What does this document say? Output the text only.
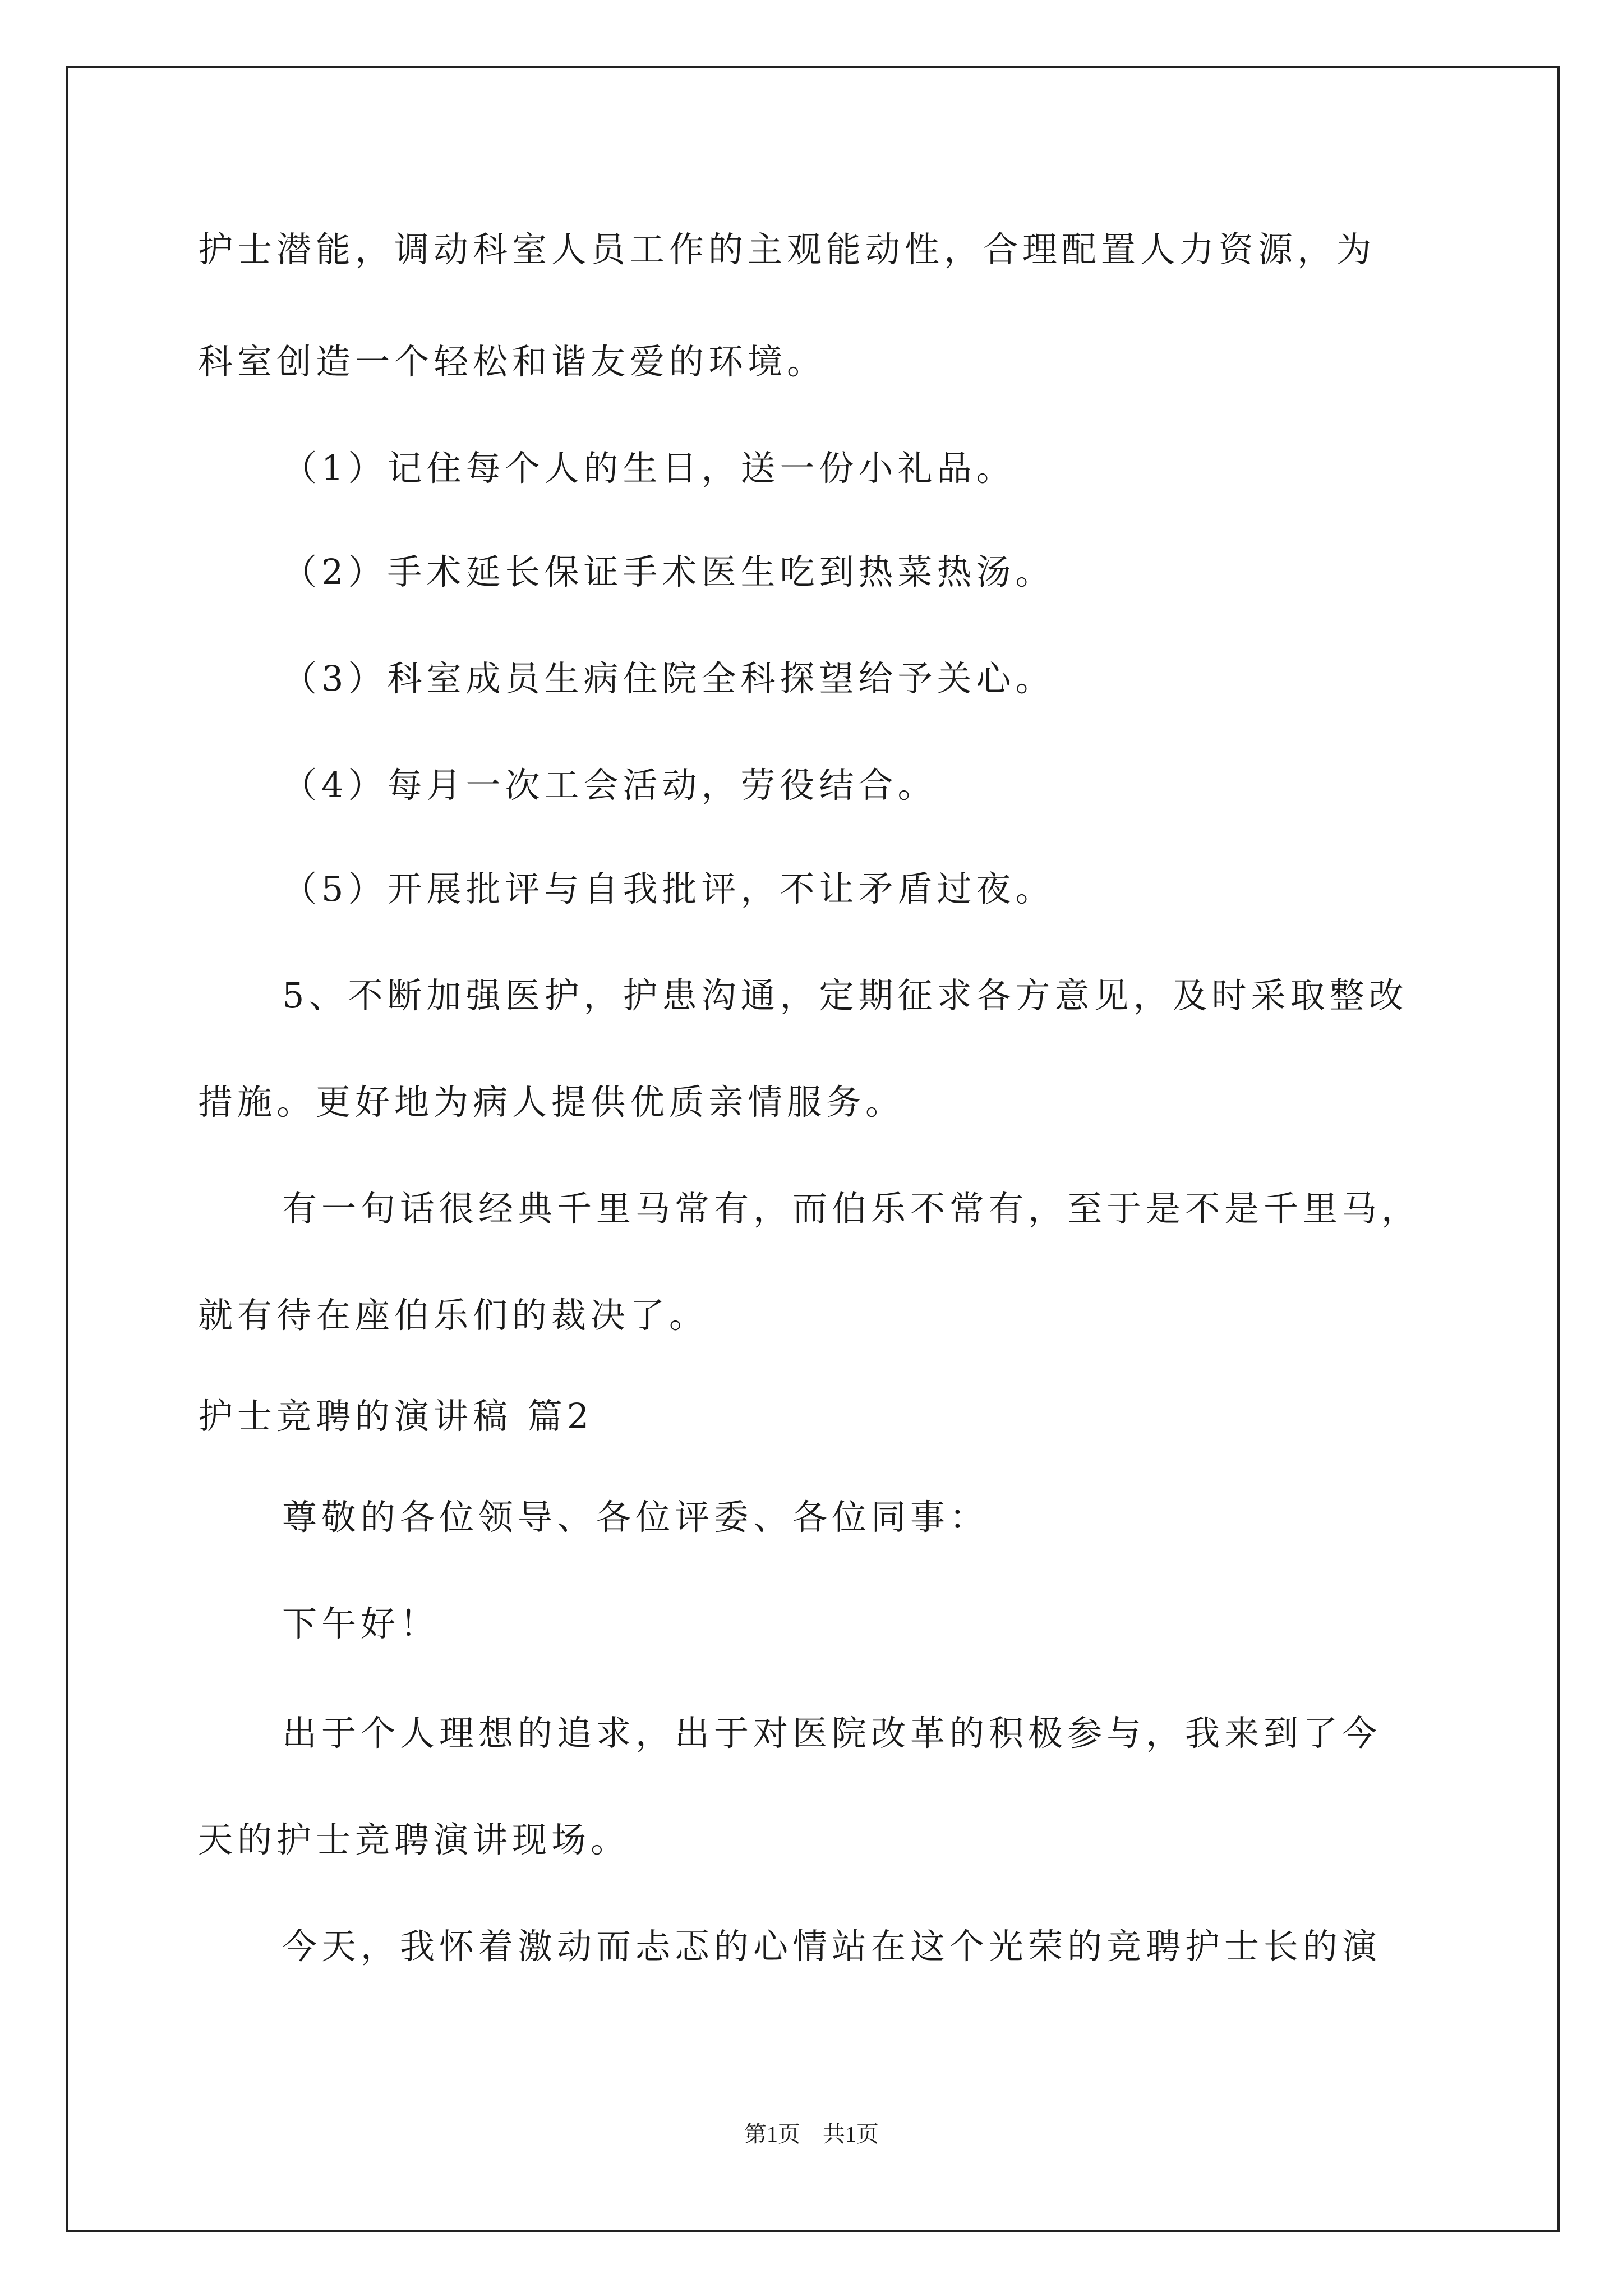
护士潜能，调动科室人员工作的主观能动性，合理配置人力资源，为
科室创造一个轻松和谐友爱的环境。
（1）记住每个人的生日，送一份小礼品。
（2）手术延长保证手术医生吃到热菜热汤。
（3）科室成员生病住院全科探望给予关心。
（4）每月一次工会活动，劳役结合。
（5）开展批评与自我批评，不让矛盾过夜。
5、不断加强医护，护患沟通，定期征求各方意见，及时采取整改
措施。更好地为病人提供优质亲情服务。
有一句话很经典千里马常有，而伯乐不常有，至于是不是千里马，
就有待在座伯乐们的裁决了。
护士竞聘的演讲稿 篇2
尊敬的各位领导、各位评委、各位同事：
下午好！
出于个人理想的追求，出于对医院改革的积极参与，我来到了今
天的护士竞聘演讲现场。
今天，我怀着激动而忐忑的心情站在这个光荣的竞聘护士长的演
第1页　共1页
